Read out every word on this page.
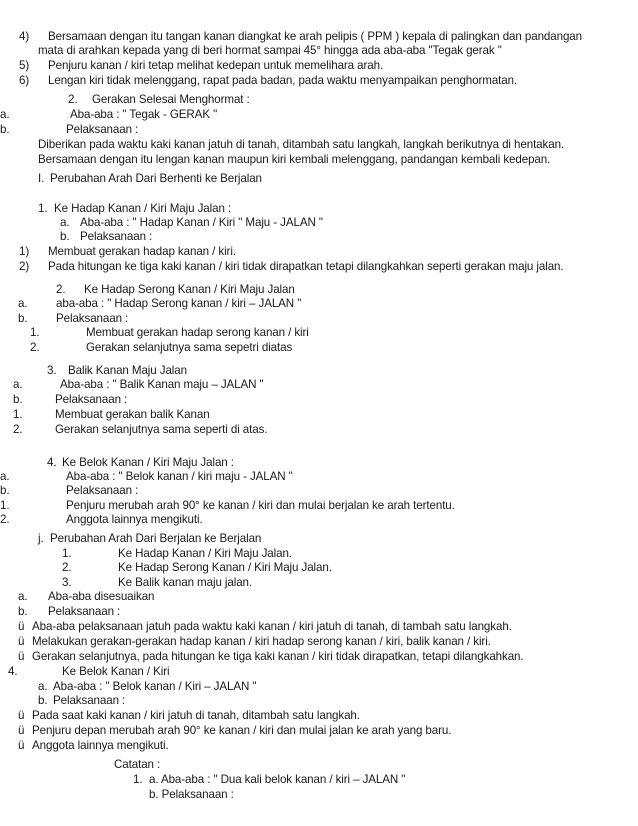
4) Bersamaan dengan itu tangan kanan diangkat ke arah pelipis ( PPM ) kepala di palingkan dan pandangan
mata di arahkan kepada yang di beri hormat sampai 45° hingga ada aba-aba "Tegak gerak "
5) Penjuru kanan / kiri tetap melihat kedepan untuk memelihara arah.
6) Lengan kiri tidak melenggang, rapat pada badan, pada waktu menyampaikan penghormatan.
2. Gerakan Selesai Menghormat :
a.	Aba-aba : " Tegak - GERAK "
b.	Pelaksanaan :
Diberikan pada waktu kaki kanan jatuh di tanah, ditambah satu langkah, langkah berikutnya di hentakan.
Bersamaan dengan itu lengan kanan maupun kiri kembali melenggang, pandangan kembali kedepan.
I. Perubahan Arah Dari Berhenti ke Berjalan
1. Ke Hadap Kanan / Kiri Maju Jalan :
a. Aba-aba : " Hadap Kanan / Kiri " Maju - JALAN "
b. Pelaksanaan :
1) Membuat gerakan hadap kanan / kiri.
2) Pada hitungan ke tiga kaki kanan / kiri tidak dirapatkan tetapi dilangkahkan seperti gerakan maju jalan.
2. Ke Hadap Serong Kanan / Kiri Maju Jalan
a. aba-aba : " Hadap Serong kanan / kiri – JALAN "
b. Pelaksanaan :
1.	Membuat gerakan hadap serong kanan / kiri
2.	Gerakan selanjutnya sama sepetri diatas
3. Balik Kanan Maju Jalan
a.	Aba-aba : " Balik Kanan maju – JALAN "
b.	Pelaksanaan :
1.	Membuat gerakan balik Kanan
2.	Gerakan selanjutnya sama seperti di atas.
4. Ke Belok Kanan / Kiri Maju Jalan :
a.	Aba-aba : " Belok kanan / kiri maju - JALAN "
b.	Pelaksanaan :
1.	Penjuru merubah arah 90° ke kanan / kiri dan mulai berjalan ke arah tertentu.
2.	Anggota lainnya mengikuti.
j. Perubahan Arah Dari Berjalan ke Berjalan
1.	Ke Hadap Kanan / Kiri Maju Jalan.
2.	Ke Hadap Serong Kanan / Kiri Maju Jalan.
3.	Ke Balik kanan maju jalan.
a. Aba-aba disesuaikan
b. Pelaksanaan :
ü Aba-aba pelaksanaan jatuh pada waktu kaki kanan / kiri jatuh di tanah, di tambah satu langkah.
ü Melakukan gerakan-gerakan hadap kanan / kiri hadap serong kanan / kiri, balik kanan / kiri.
ü Gerakan selanjutnya, pada hitungan ke tiga kaki kanan / kiri tidak dirapatkan, tetapi dilangkahkan.
4.	Ke Belok Kanan / Kiri
a. Aba-aba : " Belok kanan / Kiri – JALAN "
b. Pelaksanaan :
ü Pada saat kaki kanan / kiri jatuh di tanah, ditambah satu langkah.
ü Penjuru depan merubah arah 90° ke kanan / kiri dan mulai jalan ke arah yang baru.
ü Anggota lainnya mengikuti.
Catatan :
1. a. Aba-aba : " Dua kali belok kanan / kiri – JALAN "
b. Pelaksanaan :
